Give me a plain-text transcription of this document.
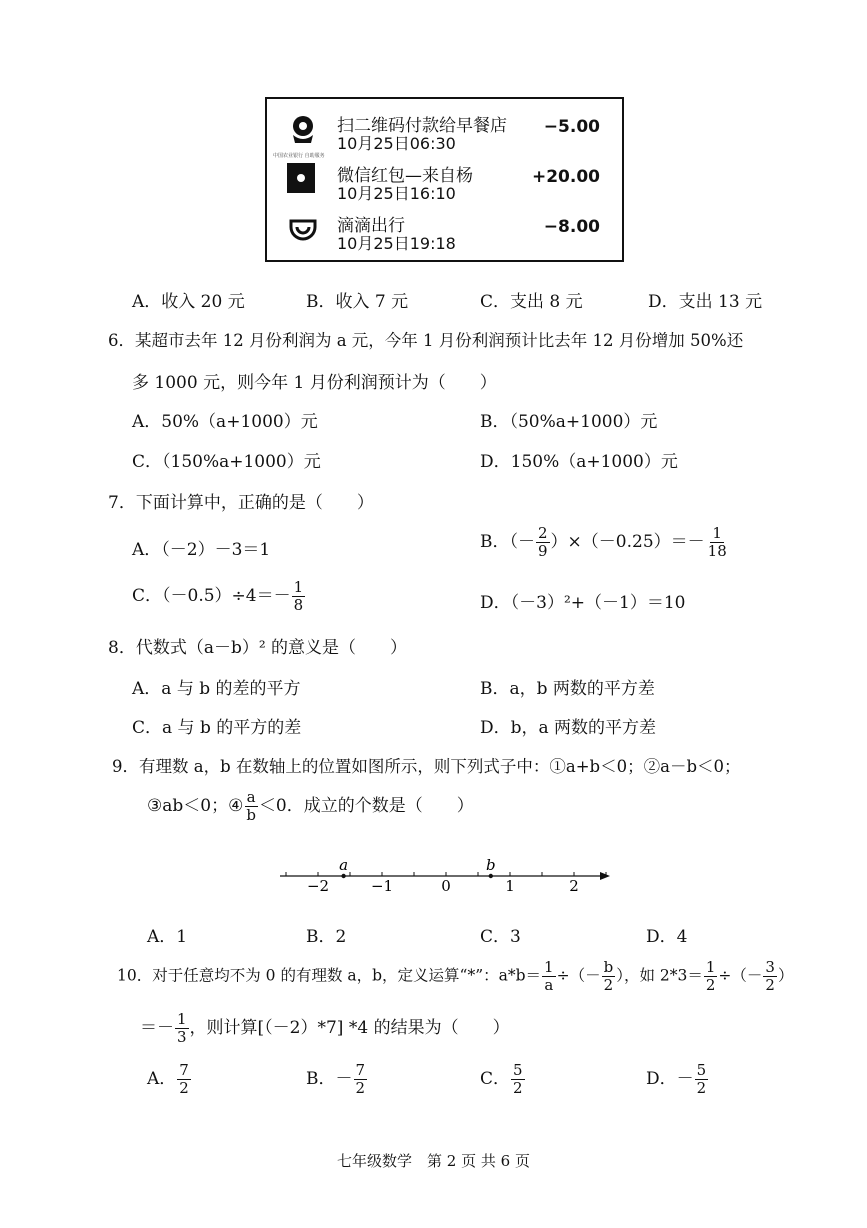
中国农业银行 自助服务
扫二维码付款给早餐店
10月25日06:30
−5.00
微信红包—来自杨
10月25日16:10
+20.00
滴滴出行
10月25日19:18
−8.00
A．收入 20 元	B．收入 7 元	C．支出 8 元	D．支出 13 元
6．某超市去年 12 月份利润为 a 元，今年 1 月份利润预计比去年 12 月份增加 50%还
多 1000 元，则今年 1 月份利润预计为（　　）
A．50%（a+1000）元	B．（50%a+1000）元
C．（150%a+1000）元	D．150%（a+1000）元
7．下面计算中，正确的是（　　）
A．（－2）－3＝1	B．（－ $\frac{2}{9} )\times(-0.25)=- \frac{1}{18}$
C．$(-0.5)\div 4=- \frac{1}{8}$	D．（－3）²+（－1）＝10
8．代数式（a－b）² 的意义是（　　）
A．a 与 b 的差的平方	B．a，b 两数的平方差
C．a 与 b 的平方的差	D．b，a 两数的平方差
9．有理数 a，b 在数轴上的位置如图所示，则下列式子中：①a+b＜0；②a－b＜0；
③ab＜0；④ $\frac{a}{b} <0$．成立的个数是（　　）
−2	−1	0	1	2
a	b
A．1	B．2	C．3	D．4
10．对于任意均不为 0 的有理数 a，b，定义运算“*”：$a*b= \frac{1}{a}$ ÷（－ $\frac{b}{2}$ ），如 $2*3= \frac{1}{2}$ ÷（－ $\frac{3}{2}$ ）
＝－ $\frac{1}{3}$ ，则计算[（－2）*7] *4 的结果为（　　）
A． $\frac{7}{2}$	B．－ $\frac{7}{2}$	C． $\frac{5}{2}$	D．－ $\frac{5}{2}$
七年级数学　第 2 页 共 6 页
